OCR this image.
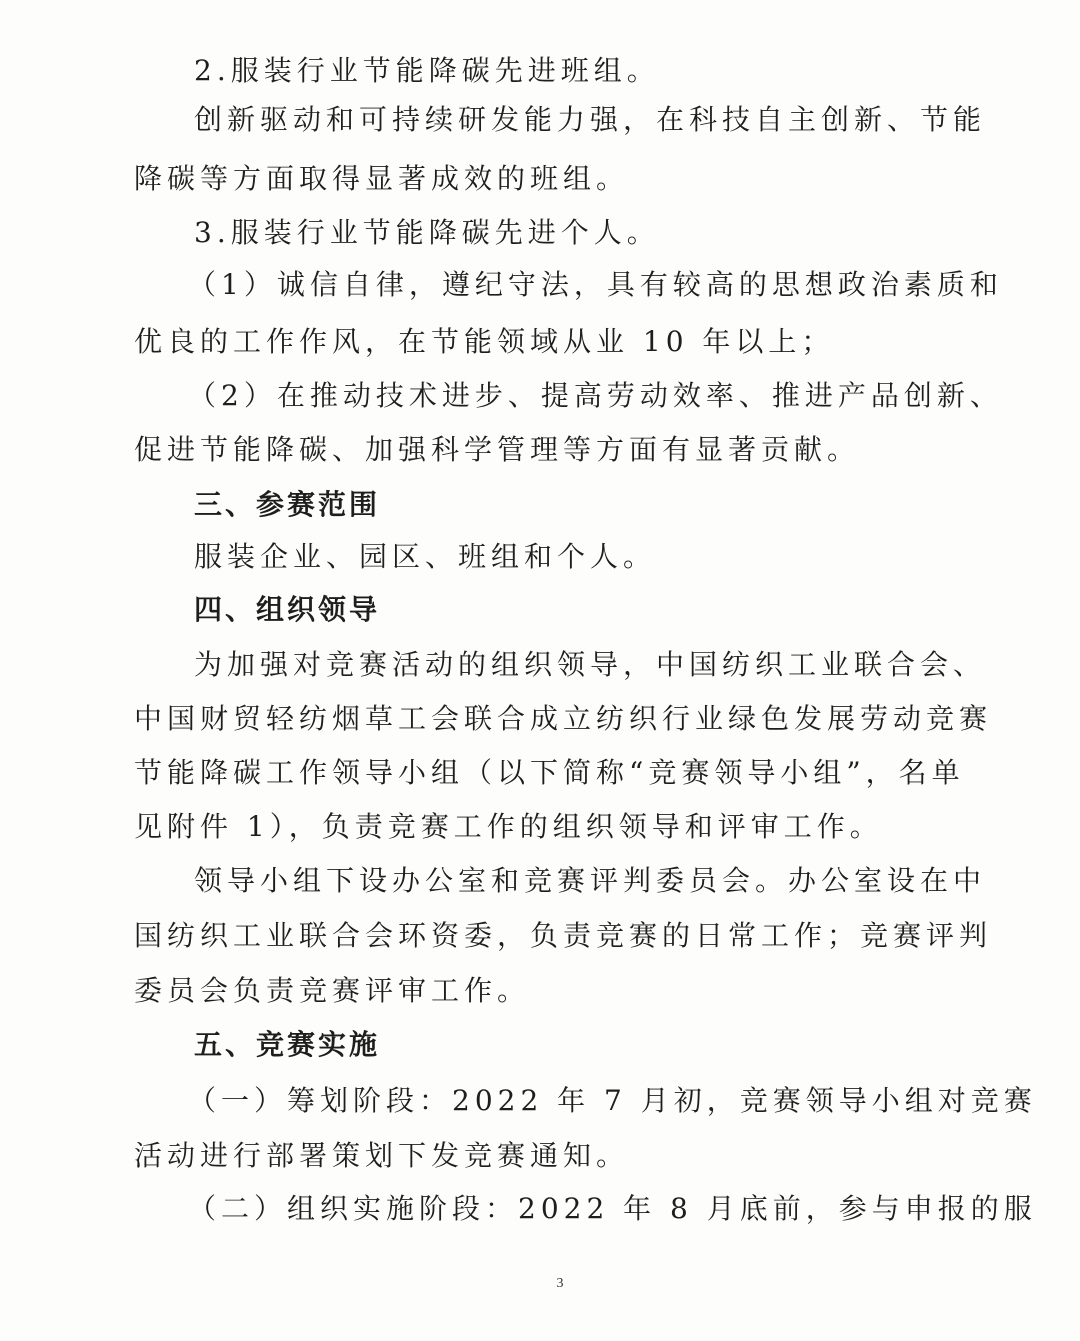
2.服装行业节能降碳先进班组。
创新驱动和可持续研发能力强，在科技自主创新、节能
降碳等方面取得显著成效的班组。
3.服装行业节能降碳先进个人。
（1）诚信自律，遵纪守法，具有较高的思想政治素质和
优良的工作作风，在节能领域从业 10 年以上；
（2）在推动技术进步、提高劳动效率、推进产品创新、
促进节能降碳、加强科学管理等方面有显著贡献。
三、参赛范围
服装企业、园区、班组和个人。
四、组织领导
为加强对竞赛活动的组织领导，中国纺织工业联合会、
中国财贸轻纺烟草工会联合成立纺织行业绿色发展劳动竞赛
节能降碳工作领导小组（以下简称“竞赛领导小组”，名单
见附件 1），负责竞赛工作的组织领导和评审工作。
领导小组下设办公室和竞赛评判委员会。办公室设在中
国纺织工业联合会环资委，负责竞赛的日常工作；竞赛评判
委员会负责竞赛评审工作。
五、竞赛实施
（一）筹划阶段：2022 年 7 月初，竞赛领导小组对竞赛
活动进行部署策划下发竞赛通知。
（二）组织实施阶段：2022 年 8 月底前，参与申报的服
3
